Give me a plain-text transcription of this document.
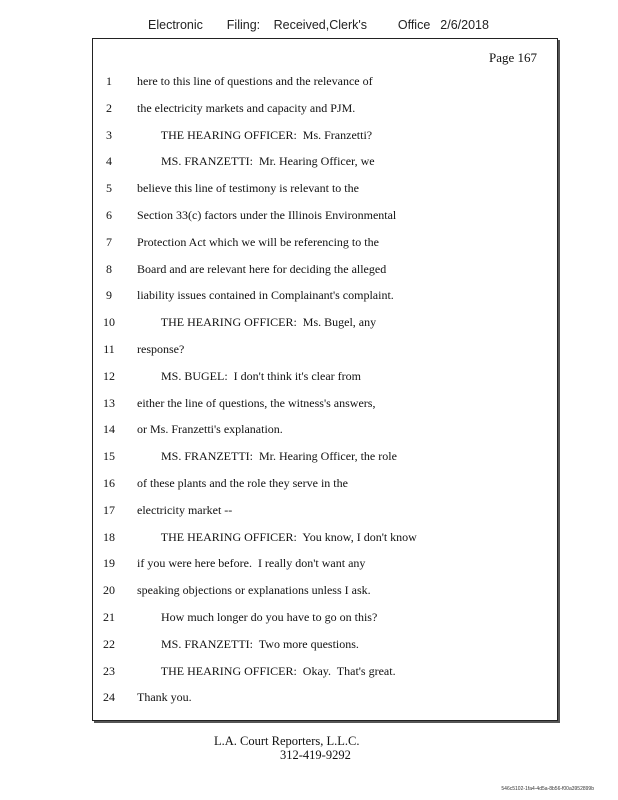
Electronic Filing: Received,Clerk's Office 2/6/2018
Page 167
1	here to this line of questions and the relevance of
2	the electricity markets and capacity and PJM.
3	THE HEARING OFFICER:  Ms. Franzetti?
4	MS. FRANZETTI:  Mr. Hearing Officer, we
5	believe this line of testimony is relevant to the
6	Section 33(c) factors under the Illinois Environmental
7	Protection Act which we will be referencing to the
8	Board and are relevant here for deciding the alleged
9	liability issues contained in Complainant's complaint.
10	THE HEARING OFFICER:  Ms. Bugel, any
11	response?
12	MS. BUGEL:  I don't think it's clear from
13	either the line of questions, the witness's answers,
14	or Ms. Franzetti's explanation.
15	MS. FRANZETTI:  Mr. Hearing Officer, the role
16	of these plants and the role they serve in the
17	electricity market --
18	THE HEARING OFFICER:  You know, I don't know
19	if you were here before.  I really don't want any
20	speaking objections or explanations unless I ask.
21	How much longer do you have to go on this?
22	MS. FRANZETTI:  Two more questions.
23	THE HEARING OFFICER:  Okay.  That's great.
24	Thank you.
L.A. Court Reporters, L.L.C.
312-419-9292
546c5102-1fa4-4d5a-8b56-f00a3952899b
